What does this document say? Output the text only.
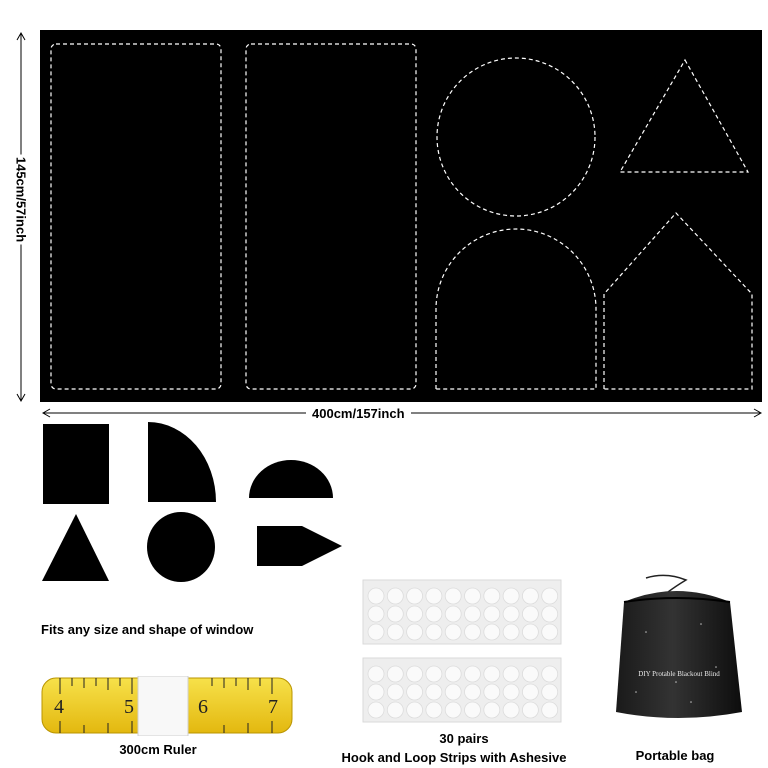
145cm/57inch
400cm/157inch
Fits any size and shape of window
4	5	6	7
300cm Ruler
30 pairs
Hook and Loop Strips with Ashesive
DIY Protable Blackout Blind
Portable bag
